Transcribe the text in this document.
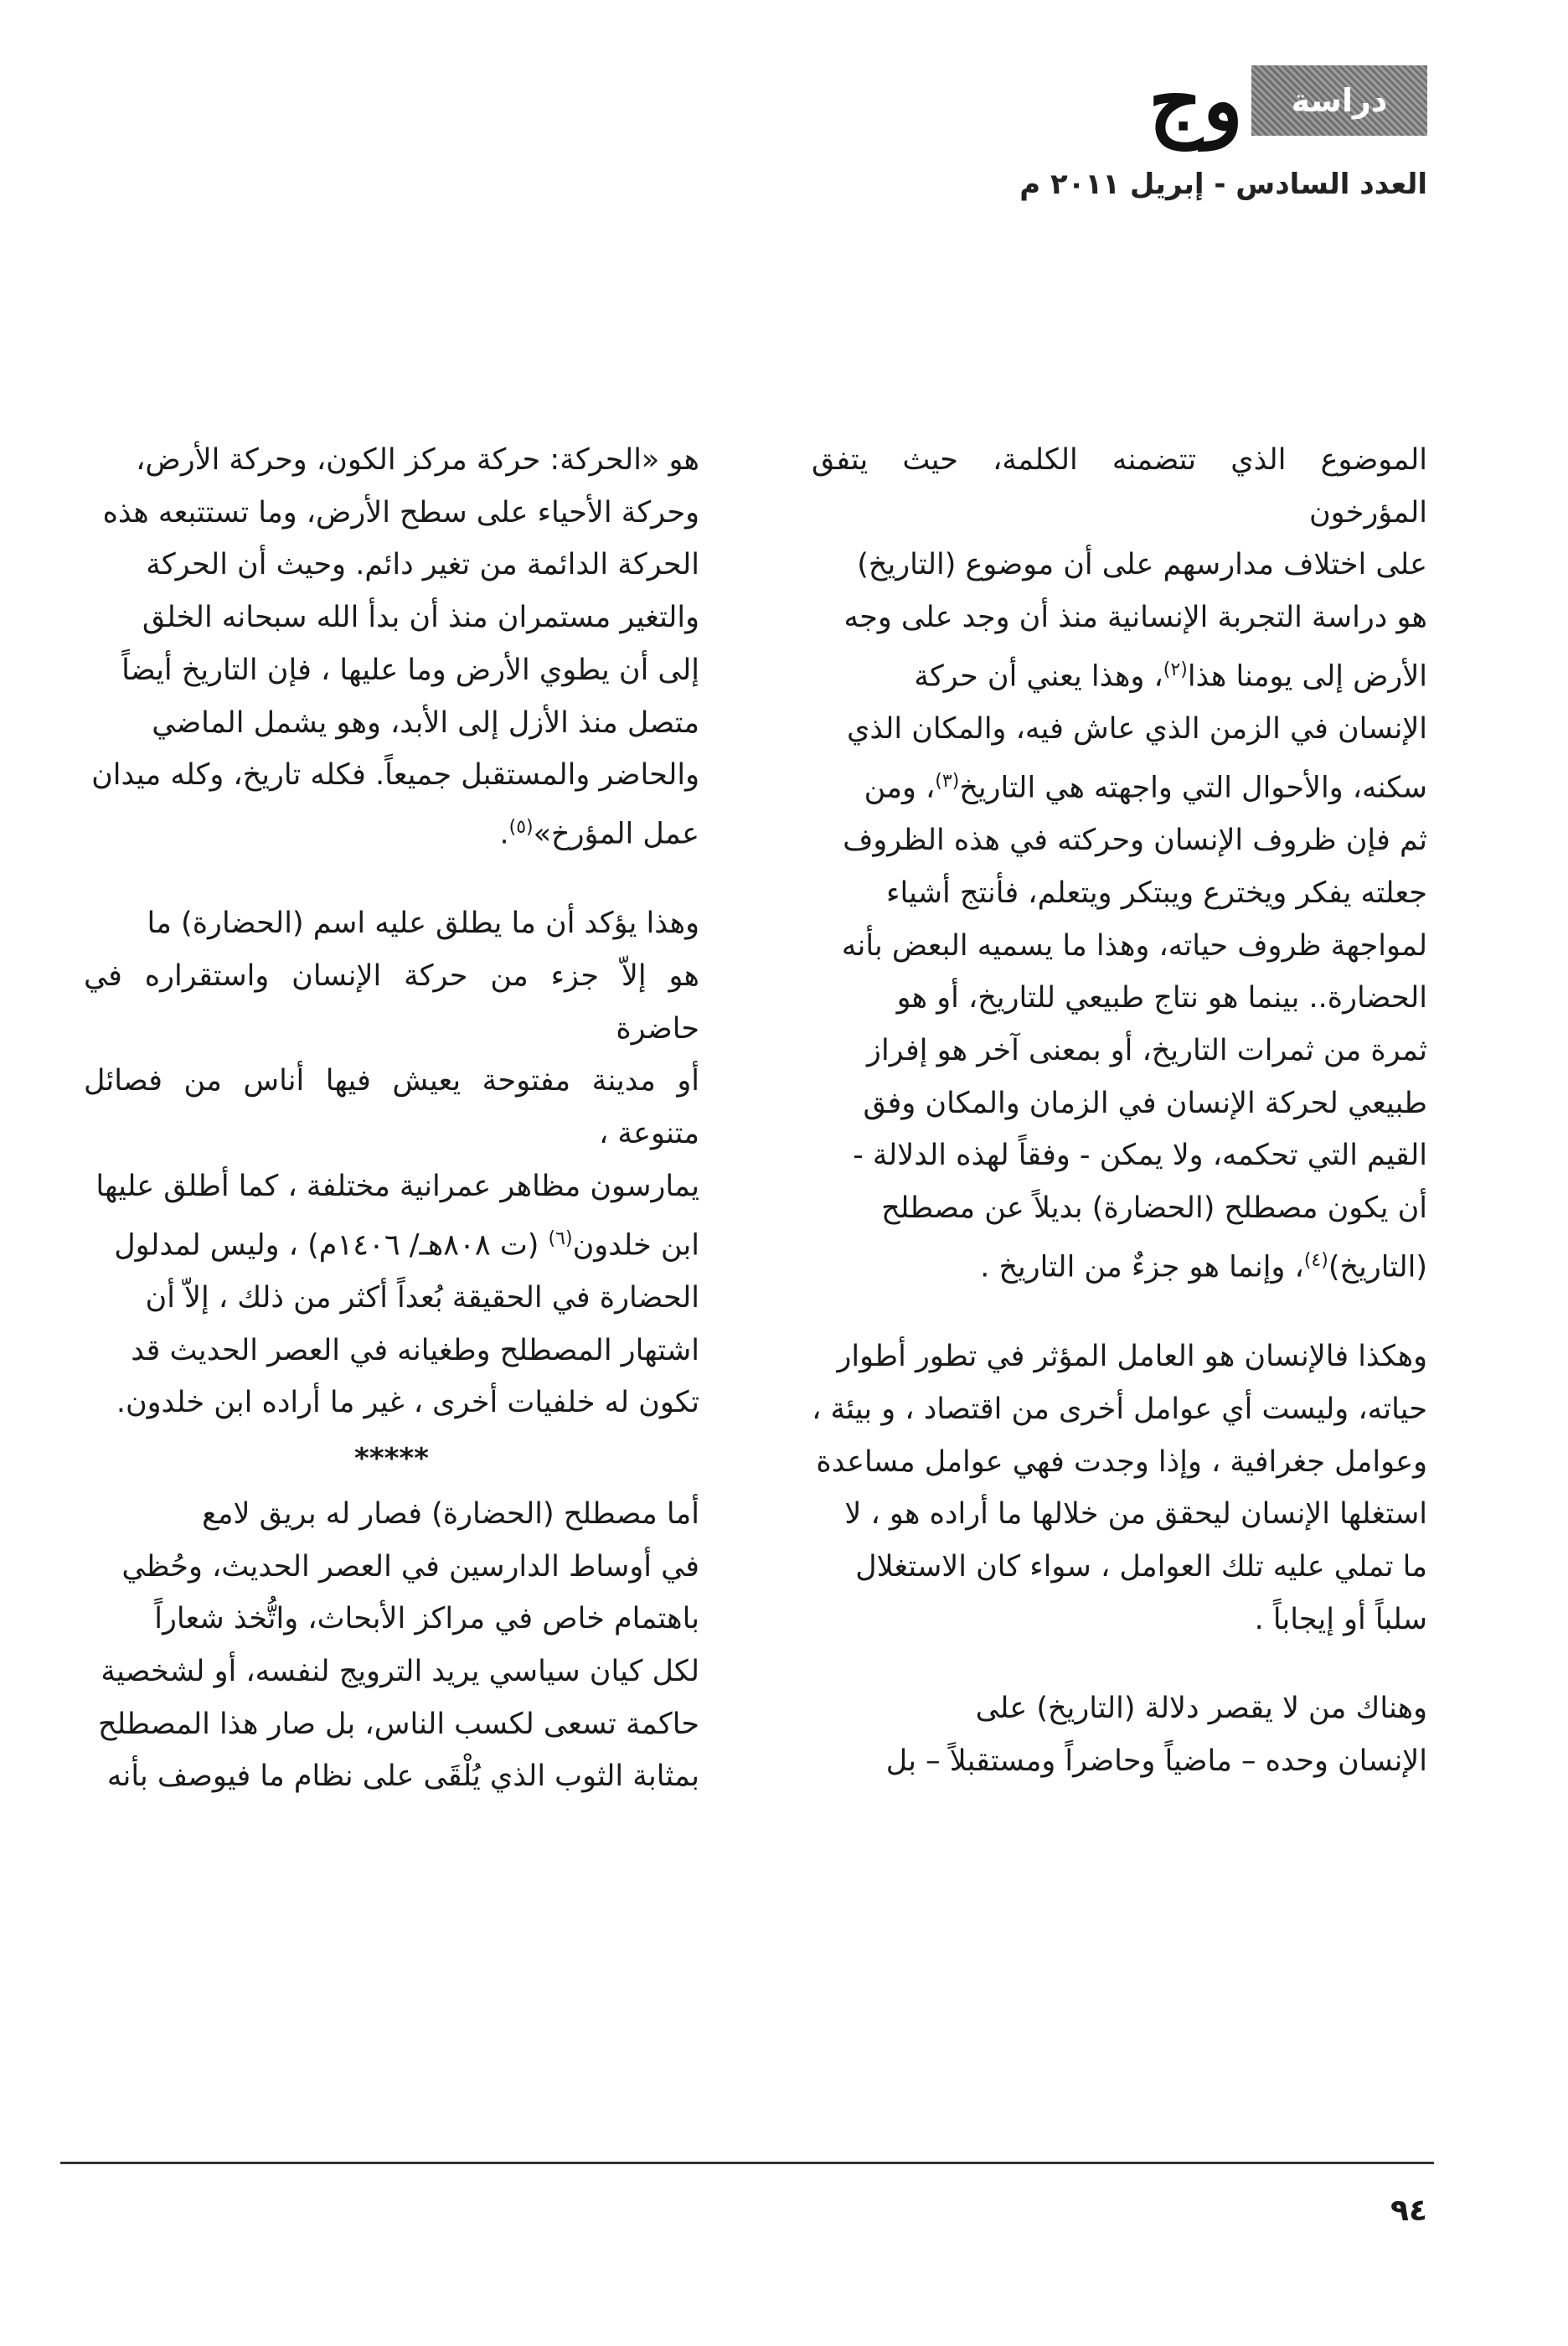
دراسة
وج
العدد السادس - إبريل ٢٠١١ م

الموضوع الذي تتضمنه الكلمة، حيث يتفق المؤرخون
على اختلاف مدارسهم على أن موضوع (التاريخ)
هو دراسة التجربة الإنسانية منذ أن وجد على وجه
الأرض إلى يومنا هذا$^{(٢)}$، وهذا يعني أن حركة
الإنسان في الزمن الذي عاش فيه، والمكان الذي
سكنه، والأحوال التي واجهته هي التاريخ$^{(٣)}$، ومن
ثم فإن ظروف الإنسان وحركته في هذه الظروف
جعلته يفكر ويخترع ويبتكر ويتعلم، فأنتج أشياء
لمواجهة ظروف حياته، وهذا ما يسميه البعض بأنه
الحضارة.. بينما هو نتاج طبيعي للتاريخ، أو هو
ثمرة من ثمرات التاريخ، أو بمعنى آخر هو إفراز
طبيعي لحركة الإنسان في الزمان والمكان وفق
القيم التي تحكمه، ولا يمكن - وفقاً لهذه الدلالة -
أن يكون مصطلح (الحضارة) بديلاً عن مصطلح
(التاريخ)$^{(٤)}$، وإنما هو جزءٌ من التاريخ .

وهكذا فالإنسان هو العامل المؤثر في تطور أطوار
حياته، وليست أي عوامل أخرى من اقتصاد ، و بيئة ،
وعوامل جغرافية ، وإذا وجدت فهي عوامل مساعدة
استغلها الإنسان ليحقق من خلالها ما أراده هو ، لا
ما تملي عليه تلك العوامل ، سواء كان الاستغلال
سلباً أو إيجاباً .

وهناك من لا يقصر دلالة (التاريخ) على
الإنسان وحده – ماضياً وحاضراً ومستقبلاً – بل

هو «الحركة: حركة مركز الكون، وحركة الأرض،
وحركة الأحياء على سطح الأرض، وما تستتبعه هذه
الحركة الدائمة من تغير دائم. وحيث أن الحركة
والتغير مستمران منذ أن بدأ الله سبحانه الخلق
إلى أن يطوي الأرض وما عليها ، فإن التاريخ أيضاً
متصل منذ الأزل إلى الأبد، وهو يشمل الماضي
والحاضر والمستقبل جميعاً. فكله تاريخ، وكله ميدان
عمل المؤرخ»$^{(٥)}$.

وهذا يؤكد أن ما يطلق عليه اسم (الحضارة) ما
هو إلاّ جزء من حركة الإنسان واستقراره في حاضرة
أو مدينة مفتوحة يعيش فيها أناس من فصائل متنوعة ،
يمارسون مظاهر عمرانية مختلفة ، كما أطلق عليها
ابن خلدون$^{(٦)}$ (ت ٨٠٨هـ/ ١٤٠٦م) ، وليس لمدلول
الحضارة في الحقيقة بُعداً أكثر من ذلك ، إلاّ أن
اشتهار المصطلح وطغيانه في العصر الحديث قد
تكون له خلفيات أخرى ، غير ما أراده ابن خلدون.

*****

أما مصطلح (الحضارة) فصار له بريق لامع
في أوساط الدارسين في العصر الحديث، وحُظي
باهتمام خاص في مراكز الأبحاث، واتُّخذ شعاراً
لكل كيان سياسي يريد الترويج لنفسه، أو لشخصية
حاكمة تسعى لكسب الناس، بل صار هذا المصطلح
بمثابة الثوب الذي يُلْقَى على نظام ما فيوصف بأنه

٩٤
